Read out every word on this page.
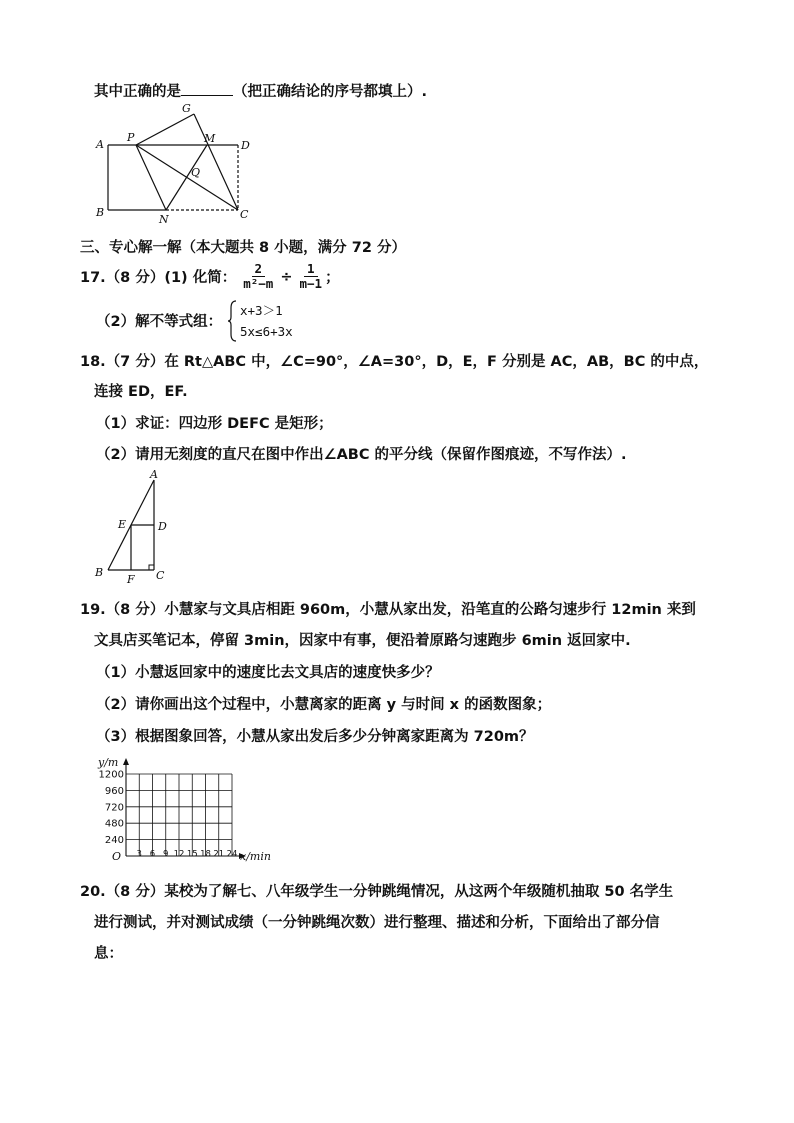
其中正确的是	（把正确结论的序号都填上）.
G
A
P	M
D
Q
B
N	C
三、专心解一解（本大题共 8 小题，满分 72 分）
17.（8 分）(1) 化简： $\frac{2}{\text{m²−m}} \div \frac{1}{m-1}$ ；
（2）解不等式组：
x+3＞1
5x≤6+3x
18.（7 分）在 Rt△ABC 中，∠C=90°，∠A=30°，D，E，F 分别是 AC，AB，BC 的中点，
连接 ED，EF.
（1）求证：四边形 DEFC 是矩形；
（2）请用无刻度的直尺在图中作出∠ABC 的平分线（保留作图痕迹，不写作法）.
A
E	D
B
F C
19.（8 分）小慧家与文具店相距 960m，小慧从家出发，沿笔直的公路匀速步行 12min 来到
文具店买笔记本，停留 3min，因家中有事，便沿着原路匀速跑步 6min 返回家中.
（1）小慧返回家中的速度比去文具店的速度快多少？
（2）请你画出这个过程中，小慧离家的距离 y 与时间 x 的函数图象；
（3）根据图象回答，小慧从家出发后多少分钟离家距离为 720m？
y/m
x/min
O
1200
960
720
480
240
3 6 9 12 15 18 21 24
20.（8 分）某校为了解七、八年级学生一分钟跳绳情况，从这两个年级随机抽取 50 名学生
进行测试，并对测试成绩（一分钟跳绳次数）进行整理、描述和分析，下面给出了部分信
息：
